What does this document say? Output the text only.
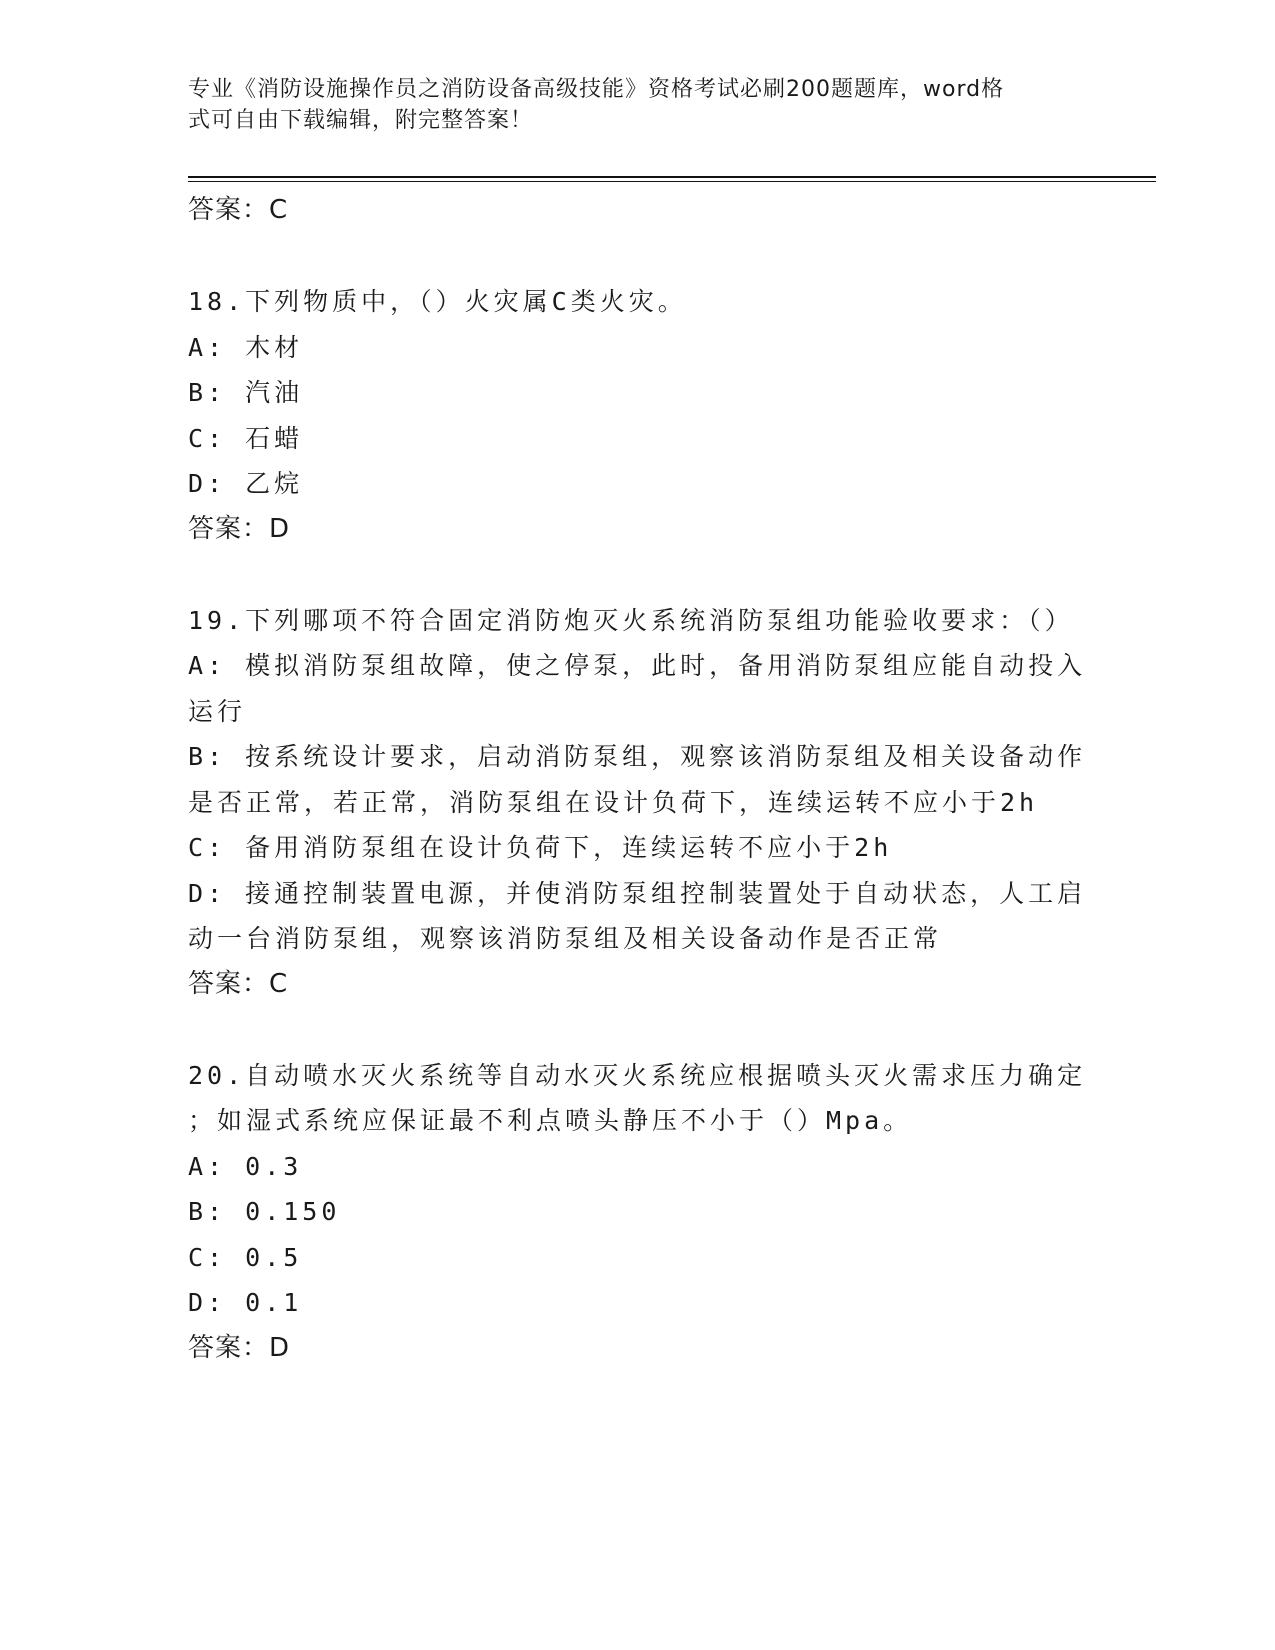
专业《消防设施操作员之消防设备高级技能》资格考试必刷200题题库，word格
式可自由下载编辑，附完整答案！
答案：C
18.下列物质中，（）火灾属C类火灾。
A: 木材
B: 汽油
C: 石蜡
D: 乙烷
答案：D
19.下列哪项不符合固定消防炮灭火系统消防泵组功能验收要求：（）
A: 模拟消防泵组故障，使之停泵，此时，备用消防泵组应能自动投入
运行
B: 按系统设计要求，启动消防泵组，观察该消防泵组及相关设备动作
是否正常，若正常，消防泵组在设计负荷下，连续运转不应小于2h
C: 备用消防泵组在设计负荷下，连续运转不应小于2h
D: 接通控制装置电源，并使消防泵组控制装置处于自动状态，人工启
动一台消防泵组，观察该消防泵组及相关设备动作是否正常
答案：C
20.自动喷水灭火系统等自动水灭火系统应根据喷头灭火需求压力确定
；如湿式系统应保证最不利点喷头静压不小于（）Mpa。
A: 0.3
B: 0.150
C: 0.5
D: 0.1
答案：D
